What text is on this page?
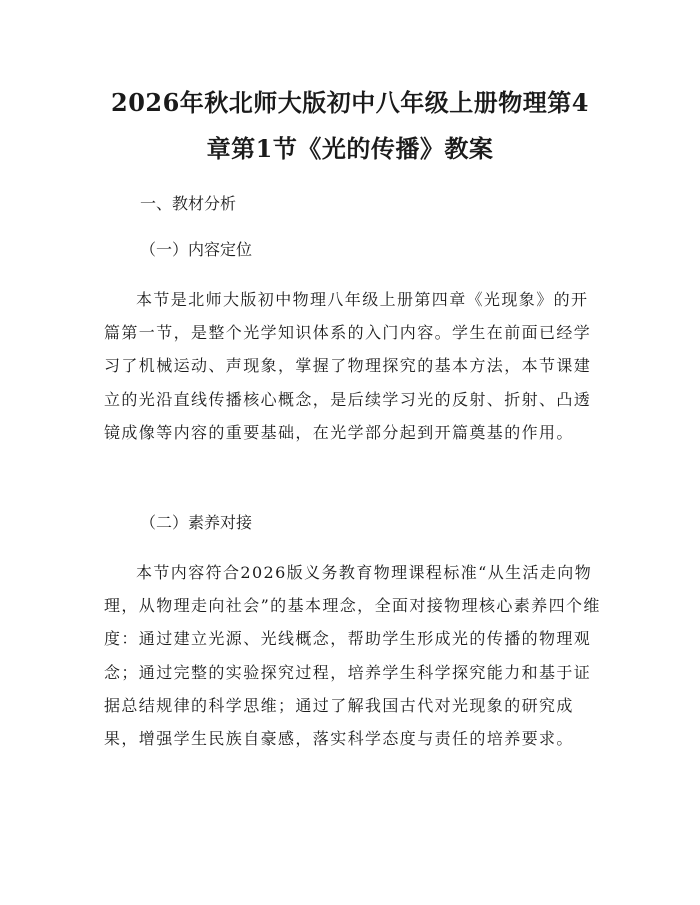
2026年秋北师大版初中八年级上册物理第4
章第1节《光的传播》教案
一、教材分析
（一）内容定位
本节是北师大版初中物理八年级上册第四章《光现象》的开篇第一节，是整个光学知识体系的入门内容。学生在前面已经学习了机械运动、声现象，掌握了物理探究的基本方法，本节课建立的光沿直线传播核心概念，是后续学习光的反射、折射、凸透镜成像等内容的重要基础，在光学部分起到开篇奠基的作用。
（二）素养对接
本节内容符合2026版义务教育物理课程标准“从生活走向物理，从物理走向社会”的基本理念，全面对接物理核心素养四个维度：通过建立光源、光线概念，帮助学生形成光的传播的物理观念；通过完整的实验探究过程，培养学生科学探究能力和基于证据总结规律的科学思维；通过了解我国古代对光现象的研究成果，增强学生民族自豪感，落实科学态度与责任的培养要求。
